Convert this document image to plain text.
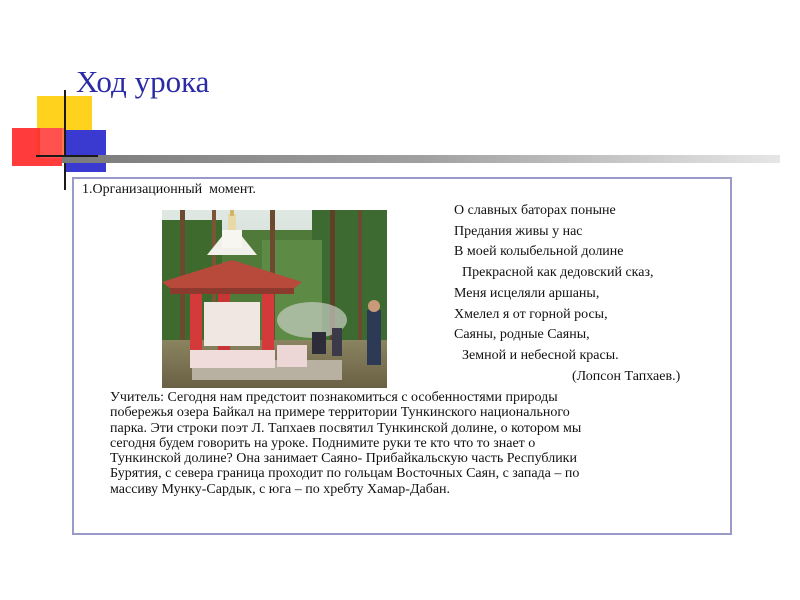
Ход урока
1.Организационный  момент.
О славных баторах поныне
Предания живы у нас
В моей колыбельной долине
Прекрасной как дедовский сказ,
Меня исцеляли аршаны,
Хмелел я от горной росы,
Саяны, родные Саяны,
Земной и небесной красы.
(Лопсон Тапхаев.)
Учитель: Сегодня нам предстоит познакомиться с особенностями природы
побережья озера Байкал на примере территории Тункинского национального
парка. Эти строки поэт Л. Тапхаев посвятил Тункинской долине, о котором мы
сегодня будем говорить на уроке. Поднимите руки те кто что то знает о
Тункинской долине? Она занимает Саяно- Прибайкальскую часть Республики
Бурятия, с севера граница проходит по гольцам Восточных Саян, с запада – по
массиву Мунку-Сардык, с юга – по хребту Хамар-Дабан.
